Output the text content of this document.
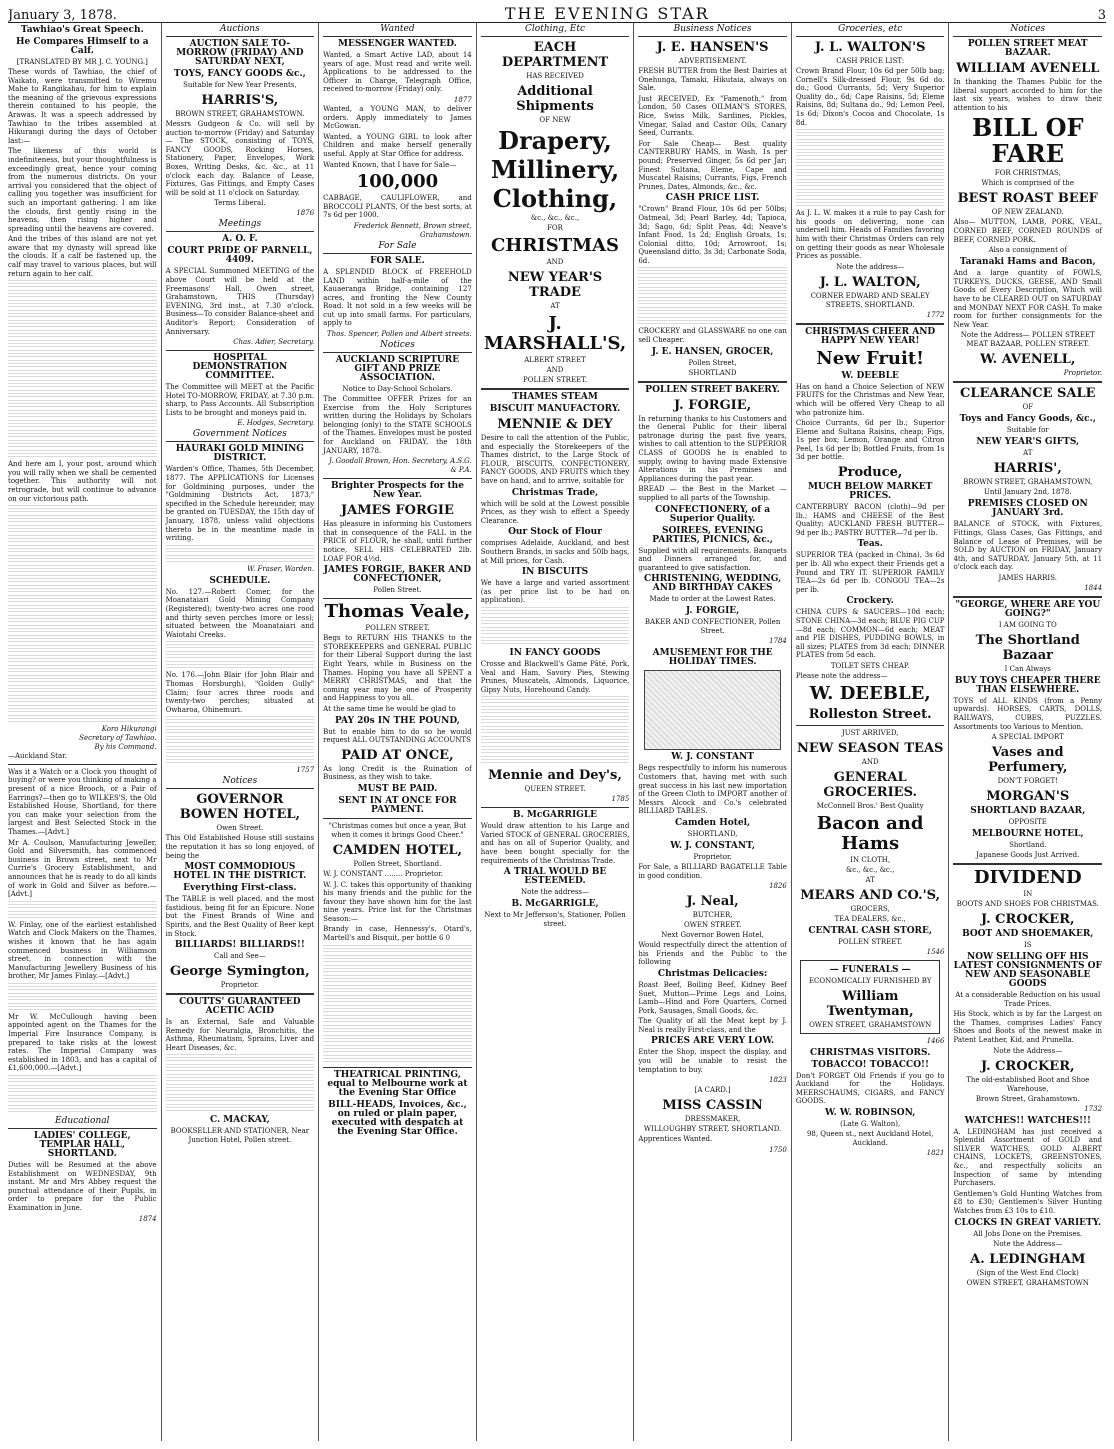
January 3, 1878.	THE EVENING STAR	3
Tawhiao's Great Speech.
He Compares Himself to a Calf.
[TRANSLATED BY MR J. C. YOUNG.]

These words of Tawhiao, the chief of Waikato, were transmitted to Wiremu Mahe to Rangikahau, for him to explain the meaning of the grievous expressions therein contained to his people, the Arawas. It was a speech addressed by Tawhiao to the tribes assembled at Hikurangi during the days of October last:—

The likeness of this world is indefiniteness, but your thoughtfulness is exceedingly great, hence your coming from the numerous districts. On your arrival you considered that the object of calling you together was insufficient for such an important gathering. I am like the clouds, first gently rising in the heavens, then rising higher and spreading until the heavens are covered.

And the tribes of this island are not yet aware that my dynasty will spread like the clouds. If a calf be fastened up, the calf may travel to various places, but will return again to her calf.

And here am I, your post, around which you will rally when we shall be cemented together. This authority will not retrograde, but will continue to advance on our victorious path.

Koro Hikurangi
Secretary of Tawhiao.
By his Command.
—Auckland Star.

Was it a Watch or a Clock you thought of buying? or were you thinking of making a present of a nice Brooch, or a Pair of Earrings?—then go to WILKES'S, the Old Established House, Shortland, for there you can make your selection from the largest and Best Selected Stock in the Thames.—[Advt.]

Mr A. Coulson, Manufacturing Jeweller, Gold and Silversmith, has commenced business in Brown street, next to Mr Currie's Grocery Establishment, and announces that he is ready to do all kinds of work in Gold and Silver as before.—[Advt.]

W. Finlay, one of the earliest established Watch and Clock Makers on the Thames, wishes it known that he has again commenced business in Williamson street, in connection with the Manufacturing Jewellery Business of his brother, Mr James Finlay.—[Advt.]

Mr W. McCullough having been appointed agent on the Thames for the Imperial Fire Insurance Company, is prepared to take risks at the lowest rates. The Imperial Company was established in 1803, and has a capital of £1,600,000.—[Advt.]

Educational
LADIES' COLLEGE, TEMPLAR HALL, SHORTLAND.

Duties will be Resumed at the above Establishment on WEDNESDAY, 9th instant. Mr and Mrs Abbey request the punctual attendance of their Pupils, in order to prepare for the Public Examination in June.

1874
Auctions
AUCTION SALE TO-MORROW (FRIDAY) AND SATURDAY NEXT,
TOYS, FANCY GOODS &c.,
Suitable for New Year Presents,
HARRIS'S,
BROWN STREET, GRAHAMSTOWN.

Messrs Gudgeon & Co. will sell by auction to-morrow (Friday) and Saturday— The STOCK, consisting of TOYS, FANCY GOODS, Rocking Horses, Stationery, Paper, Envelopes, Work Boxes, Writing Desks, &c. &c., at 11 o'clock each day. Balance of Lease, Fixtures, Gas Fittings, and Empty Cases will be sold at 11 o'clock on Saturday.

Terms Liberal.
1876
Meetings
A. O. F.
COURT PRIDE OF PARNELL, 4409.

A SPECIAL Summoned MEETING of the above Court will be held at the Freemasons' Hall, Owen street, Grahamstown, THIS (Thursday) EVENING, 3rd inst., at 7.30 o'clock. Business—To consider Balance-sheet and Auditor's Report; Consideration of Anniversary.

Chas. Adier, Secretary.
HOSPITAL DEMONSTRATION COMMITTEE.

The Committee will MEET at the Pacific Hotel TO-MORROW, FRIDAY, at 7.30 p.m. sharp, to Pass Accounts. All Subscription Lists to be brought and moneys paid in.

E. Hodges, Secretary.
Government Notices
HAURAKI GOLD MINING DISTRICT.

Warden's Office, Thames, 5th December, 1877. The APPLICATIONS for Licenses for Goldmining purposes, under the "Goldmining Districts Act, 1873," specified in the Schedule hereunder, may be granted on TUESDAY, the 15th day of January, 1878, unless valid objections thereto be in the meantime made in writing.

W. Fraser, Warden.
SCHEDULE.

No. 127.—Robert Comer, for the Moanataiari Gold Mining Company (Registered); twenty-two acres one rood and thirty seven perches (more or less); situated between the Moanataiari and Waiotahi Creeks.

No. 176.—John Blair (for John Blair and Thomas Horsburgh), "Golden Gully" Claim; four acres three roods and twenty-two perches; situated at Owharoa, Ohinemuri.

1757
Notices
GOVERNOR BOWEN HOTEL,
Owen Street.

This Old Established House still sustains the reputation it has so long enjoyed, of being the

MOST COMMODIOUS HOTEL IN THE DISTRICT.
Everything First-class.

The TABLE is well placed, and the most fastidious, being fit for an Epicure. None but the Finest Brands of Wine and Spirits, and the Best Quality of Beer kept in Stock.

BILLIARDS! BILLIARDS!!
Call and See—
George Symington,
Proprietor.
COUTTS' GUARANTEED ACETIC ACID

Is an External, Safe and Valuable Remedy for Neuralgia, Bronchitis, the Asthma, Rheumatism, Sprains, Liver and Heart Diseases, &c.

C. MACKAY,
BOOKSELLER AND STATIONER, Near Junction Hotel, Pollen street.
Wanted
MESSENGER WANTED.

Wanted, a Smart Active LAD, about 14 years of age. Must read and write well. Applications to be addressed to the Officer in Charge, Telegraph Office, received to-morrow (Friday) only.

1877

Wanted, a YOUNG MAN, to deliver orders. Apply immediately to James McGowan.

Wanted, a YOUNG GIRL to look after Children and make herself generally useful. Apply at Star Office for address.

Wanted Known, that I have for Sale—

100,000

CABBAGE, CAULIFLOWER, and BROCCOLI PLANTS, Of the best sorts, at 7s 6d per 1000.

Frederick Bennett, Brown street, Grahamstown.
For Sale
FOR SALE.

A SPLENDID BLOCK of FREEHOLD LAND within half-a-mile of the Kauaeranga Bridge, containing 127 acres, and fronting the New County Road. It not sold in a few weeks will be cut up into small farms. For particulars, apply to

Thos. Spencer, Pollen and Albert streets.
Notices
AUCKLAND SCRIPTURE GIFT AND PRIZE ASSOCIATION.
Notice to Day-School Scholars.

The Committee OFFER Prizes for an Exercise from the Holy Scriptures written during the Holidays by Scholars belonging (only) to the STATE SCHOOLS of the Thames. Envelopes must be posted for Auckland on FRIDAY, the 18th JANUARY, 1878.

J. Goodall Brown, Hon. Secretary, A.S.G. & P.A.
Brighter Prospects for the New Year.
JAMES FORGIE

Has pleasure in informing his Customers that in consequence of the FALL in the PRICE of FLOUR, he shall, until further notice, SELL HIS CELEBRATED 2lb. LOAF FOR 4½d.

JAMES FORGIE, BAKER AND CONFECTIONER,
Pollen Street.
Thomas Veale,
POLLEN STREET.

Begs to RETURN HIS THANKS to the STOREKEEPERS and GENERAL PUBLIC for their Liberal Support during the last Eight Years, while in Business on the Thames. Hoping you have all SPENT a MERRY CHRISTMAS, and that the coming year may be one of Prosperity and Happiness to you all.

At the same time he would be glad to

PAY 20s IN THE POUND,

But to enable him to do so he would request ALL OUTSTANDING ACCOUNTS

PAID AT ONCE,

As long Credit is the Ruination of Business, as they wish to take.

MUST BE PAID.
SENT IN AT ONCE FOR PAYMENT.
"Christmas comes but once a year, But when it comes it brings Good Cheer."
CAMDEN HOTEL,
Pollen Street, Shortland.
W. J. CONSTANT ........ Proprietor.

W. J. C. takes this opportunity of thanking his many friends and the public for the favour they have shown him for the last nine years. Price list for the Christmas Season:—

Brandy in case, Hennessy's, Otard's, Martell's and Bisquit, per bottle 6 0

THEATRICAL PRINTING, equal to Melbourne work at the Evening Star Office
BILL-HEADS, Invoices, &c., on ruled or plain paper, executed with despatch at the Evening Star Office.
Clothing, Etc
EACH DEPARTMENT
HAS RECEIVED
Additional Shipments
OF NEW
Drapery,
Millinery,
Clothing,
&c., &c., &c.,
FOR
CHRISTMAS
AND
NEW YEAR'S TRADE
AT
J. MARSHALL'S,
ALBERT STREET
AND
POLLEN STREET.
THAMES STEAM
BISCUIT MANUFACTORY.
MENNIE & DEY

Desire to call the attention of the Public, and especially the Storekeepers of the Thames district, to the Large Stock of FLOUR, BISCUITS, CONFECTIONERY, FANCY GOODS, AND FRUITS which they have on hand, and to arrive, suitable for

Christmas Trade,

which will be sold at the Lowest possible Prices, as they wish to effect a Speedy Clearance.

Our Stock of Flour

comprises Adelaide, Auckland, and best Southern Brands, in sacks and 50lb bags, at Mill prices, for Cash.

IN BISCUITS

We have a large and varied assortment (as per price list to be had on application).

IN FANCY GOODS

Crosse and Blackwell's Game Pâté, Pork, Veal and Ham, Savory Pies, Stewing Prunes, Muscatels, Almonds, Liquorice, Gipsy Nuts, Horehound Candy.

Mennie and Dey's,
QUEEN STREET.
1785
B. McGARRIGLE

Would draw attention to his Large and Varied STOCK of GENERAL GROCERIES, and has on all of Superior Quality, and have been bought specially for the requirements of the Christmas Trade.

A TRIAL WOULD BE ESTEEMED.
Note the address—
B. McGARRIGLE,
Next to Mr Jefferson's, Stationer, Pollen street.
Business Notices
J. E. HANSEN'S
ADVERTISEMENT.

FRESH BUTTER from the Best Dairies at Onehunga, Tamaki, Hikutaia, always on Sale.

Just RECEIVED, Ex "Famenoth," from London, 50 Cases OILMAN'S STORES, Rice, Swiss Milk, Sardines, Pickles, Vinegar, Salad and Castor Oils, Canary Seed, Currants.

For Sale Cheap— Best quality CANTERBURY HAMS, in Wash, 1s per pound; Preserved Ginger, 5s 6d per Jar; Finest Sultana, Eleme, Cape and Muscatel Raisins; Currants, Figs, French Prunes, Dates, Almonds, &c., &c.

CASH PRICE LIST.

"Crown" Brand Flour, 10s 6d per 50lbs; Oatmeal, 3d; Pearl Barley, 4d; Tapioca, 3d; Sago, 6d; Split Peas, 4d; Neave's Infant Food, 1s 2d; English Groats, 1s; Colonial ditto, 10d; Arrowroot, 1s; Queensland ditto, 3s 3d; Carbonate Soda, 6d.

CROCKERY and GLASSWARE no one can sell Cheaper.

J. E. HANSEN, GROCER,
Pollen Street,
SHORTLAND
POLLEN STREET BAKERY.
J. FORGIE,

In returning thanks to his Customers and the General Public for their liberal patronage during the past five years, wishes to call attention to the SUPERIOR CLASS of GOODS he is enabled to supply, owing to having made Extensive Alterations in his Premises and Appliances during the past year.

BREAD — the Best in the Market — supplied to all parts of the Township.

CONFECTIONERY, of a Superior Quality.
SOIREES, EVENING PARTIES, PICNICS, &c.,

Supplied with all requirements. Banquets and Dinners arranged for, and guaranteed to give satisfaction.

CHRISTENING, WEDDING, AND BIRTHDAY CAKES
Made to order at the Lowest Rates.
J. FORGIE,
BAKER AND CONFECTIONER, Pollen Street.
1784
AMUSEMENT FOR THE HOLIDAY TIMES.
W. J. CONSTANT

Begs respectfully to inform his numerous Customers that, having met with such great success in his last new importation of the Green Cloth to IMPORT another of Messrs Alcock and Co.'s celebrated BILLIARD TABLES.

Camden Hotel,
SHORTLAND,
W. J. CONSTANT,
Proprietor.

For Sale, a BILLIARD BAGATELLE Table in good condition.

1826
J. Neal,
BUTCHER,
OWEN STREET.
Next Governor Bowen Hotel,

Would respectfully direct the attention of his Friends and the Public to the following

Christmas Delicacies:

Roast Beef, Boiling Beef, Kidney Beef Suet, Mutton—Prime Legs and Loins, Lamb—Hind and Fore Quarters, Corned Pork, Sausages, Small Goods, &c.

The Quality of all the Meat kept by J. Neal is really First-class, and the

PRICES ARE VERY LOW.

Enter the Shop, inspect the display, and you will be unable to resist the temptation to buy.

1823
[A CARD.]
MISS CASSIN
DRESSMAKER,
WILLOUGHBY STREET, SHORTLAND.
Apprentices Wanted.
1750
Groceries, etc
J. L. WALTON'S
CASH PRICE LIST:

Crown Brand Flour, 10s 6d per 50lb bag; Cornell's Silk-dressed Flour, 9s 6d do. do.; Good Currants, 5d; Very Superior Quality do., 6d; Cape Raisins, 5d; Eleme Raisins, 8d; Sultana do., 9d; Lemon Peel, 1s 6d; Dixon's Cocoa and Chocolate, 1s 8d.

As J. L. W. makes it a rule to pay Cash for his goods on delivering, none can undersell him. Heads of Families favoring him with their Christmas Orders can rely on getting their goods as near Wholesale Prices as possible.

Note the address—
J. L. WALTON,
CORNER EDWARD AND SEALEY STREETS, SHORTLAND.
1772
CHRISTMAS CHEER AND HAPPY NEW YEAR!
New Fruit!
W. DEEBLE

Has on hand a Choice Selection of NEW FRUITS for the Christmas and New Year, which will be offered Very Cheap to all who patronize him.

Choice Currants, 6d per lb.; Superior Eleme and Sultana Raisins, cheap; Figs, 1s per box; Lemon, Orange and Citron Peel, 1s 6d per lb; Bottled Fruits, from 1s 3d per bottle.

Produce,
MUCH BELOW MARKET PRICES.

CANTERBURY BACON (cloth)—9d per lb.; HAMS and CHEESE of the Best Quality; AUCKLAND FRESH BUTTER—9d per lb.; PASTRY BUTTER—7d per lb.

Teas.

SUPERIOR TEA (packed in China), 3s 6d per lb. All who expect their Friends get a Pound and TRY IT. SUPERIOR FAMILY TEA—2s 6d per lb. CONGOU TEA—2s per lb.

Crockery.

CHINA CUPS & SAUCERS—10d each; STONE CHINA—3d each; BLUE PIG CUP—8d each; COMMON—6d each; MEAT and PIE DISHES, PUDDING BOWLS, in all sizes; PLATES from 3d each; DINNER PLATES from 5d each.

TOILET SETS CHEAP.
Please note the address—
W. DEEBLE,
Rolleston Street.
JUST ARRIVED,
NEW SEASON TEAS
AND
GENERAL GROCERIES.
McConnell Bros.' Best Quality
Bacon and Hams
IN CLOTH,
&c., &c., &c.,
AT
MEARS AND CO.'S,
GROCERS,
TEA DEALERS, &c.,
CENTRAL CASH STORE,
POLLEN STREET.
1546
— FUNERALS —
ECONOMICALLY FURNISHED BY
William Twentyman,
OWEN STREET, GRAHAMSTOWN
1466
CHRISTMAS VISITORS.
TOBACCO! TOBACCO!!

Don't FORGET Old Friends if you go to Auckland for the Holidays. MEERSCHAUMS, CIGARS, and FANCY GOODS.

W. W. ROBINSON,
(Late G. Walton),
98, Queen st., next Auckland Hotel, Auckland.
1821
Notices
POLLEN STREET MEAT BAZAAR.
WILLIAM AVENELL

In thanking the Thames Public for the liberal support accorded to him for the last six years, wishes to draw their attention to his

BILL OF FARE
FOR CHRISTMAS,
Which is comprised of the
BEST ROAST BEEF
OF NEW ZEALAND.

Also— MUTTON, LAMB, PORK, VEAL, CORNED BEEF, CORNED ROUNDS of BEEF, CORNED PORK.

Also a consignment of
Taranaki Hams and Bacon,

And a large quantity of FOWLS, TURKEYS, DUCKS, GEESE, AND Small Goods of Every Description, Which will have to be CLEARED OUT on SATURDAY and MONDAY NEXT FOR CASH. To make room for further consignments for the New Year.

Note the Address— POLLEN STREET MEAT BAZAAR, POLLEN STREET.
W. AVENELL,
Proprietor.
CLEARANCE SALE
OF
Toys and Fancy Goods, &c.,
Suitable for
NEW YEAR'S GIFTS,
AT
HARRIS',
BROWN STREET, GRAHAMSTOWN,
Until January 2nd, 1878.
PREMISES CLOSED ON JANUARY 3rd.

BALANCE of STOCK, with Fixtures, Fittings, Glass Cases, Gas Fittings, and Balance of Lease of Premises, will be SOLD by AUCTION on FRIDAY, January 4th, and SATURDAY, January 5th, at 11 o'clock each day.

JAMES HARRIS.
1844
"GEORGE, WHERE ARE YOU GOING?"
I AM GOING TO
The Shortland Bazaar
I Can Always
BUY TOYS CHEAPER THERE THAN ELSEWHERE.

TOYS of ALL KINDS (from a Penny upwards). HORSES, CARTS, DOLLS, RAILWAYS, CUBES, PUZZLES. Assortments too Various to Mention.

A SPECIAL IMPORT
Vases and Perfumery,
DON'T FORGET!
MORGAN'S
SHORTLAND BAZAAR,
OPPOSITE
MELBOURNE HOTEL,
Shortland.
Japanese Goods Just Arrived.
DIVIDEND
IN
BOOTS AND SHOES FOR CHRISTMAS.
J. CROCKER,
BOOT AND SHOEMAKER,
IS
NOW SELLING OFF HIS LATEST CONSIGNMENTS OF NEW AND SEASONABLE GOODS
At a considerable Reduction on his usual Trade Prices.

His Stock, which is by far the Largest on the Thames, comprises Ladies' Fancy Shoes and Boots of the newest make in Patent Leather, Kid, and Prunella.

Note the Address—
J. CROCKER,
The old-established Boot and Shoe Warehouse,
Brown Street, Grahamstown.
1732
WATCHES!! WATCHES!!!

A. LEDINGHAM has just received a Splendid Assortment of GOLD and SILVER WATCHES, GOLD ALBERT CHAINS, LOCKETS, GREENSTONES, &c., and respectfully solicits an Inspection of same by intending Purchasers.

Gentlemen's Gold Hunting Watches from £8 to £30; Gentlemen's Silver Hunting Watches from £3 10s to £10.

CLOCKS IN GREAT VARIETY.
All Jobs Done on the Premises.
Note the Address—
A. LEDINGHAM
(Sign of the West End Clock)
OWEN STREET, GRAHAMSTOWN
